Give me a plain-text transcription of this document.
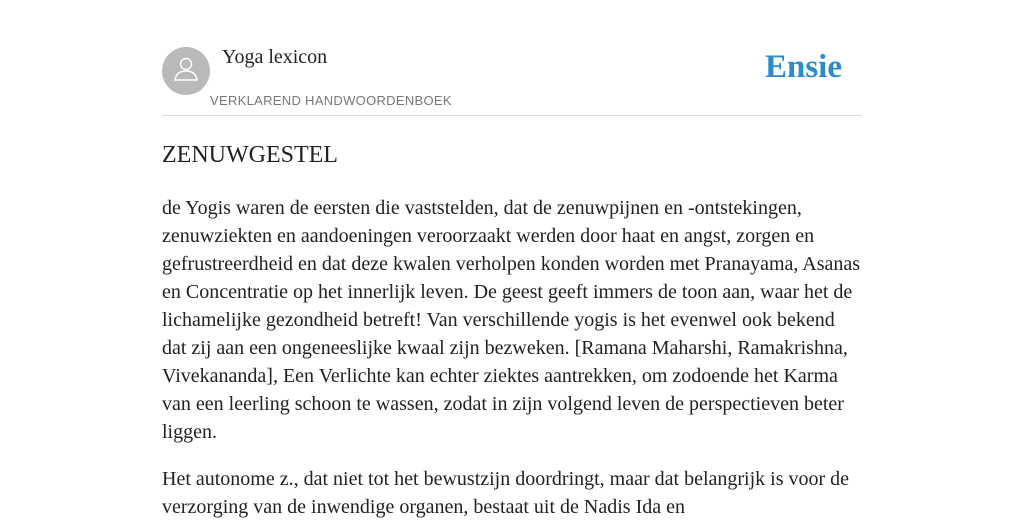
Yoga lexicon
VERKLAREND HANDWOORDENBOEK
Ensie
ZENUWGESTEL

de Yogis waren de eersten die vaststelden, dat de zenuwpijnen en -ontstekingen, zenuwziekten en aandoeningen veroorzaakt werden door haat en angst, zorgen en gefrustreerdheid en dat deze kwalen verholpen konden worden met Pranayama, Asanas en Concentratie op het innerlijk leven. De geest geeft immers de toon aan, waar het de lichamelijke gezondheid betreft! Van verschillende yogis is het evenwel ook bekend dat zij aan een ongeneeslijke kwaal zijn bezweken. [Ramana Maharshi, Ramakrishna, Vivekananda], Een Verlichte kan echter ziektes aantrekken, om zodoende het Karma van een leerling schoon te wassen, zodat in zijn volgend leven de perspectieven beter liggen.

Het autonome z., dat niet tot het bewustzijn doordringt, maar dat belangrijk is voor de verzorging van de inwendige organen, bestaat uit de Nadis Ida en
